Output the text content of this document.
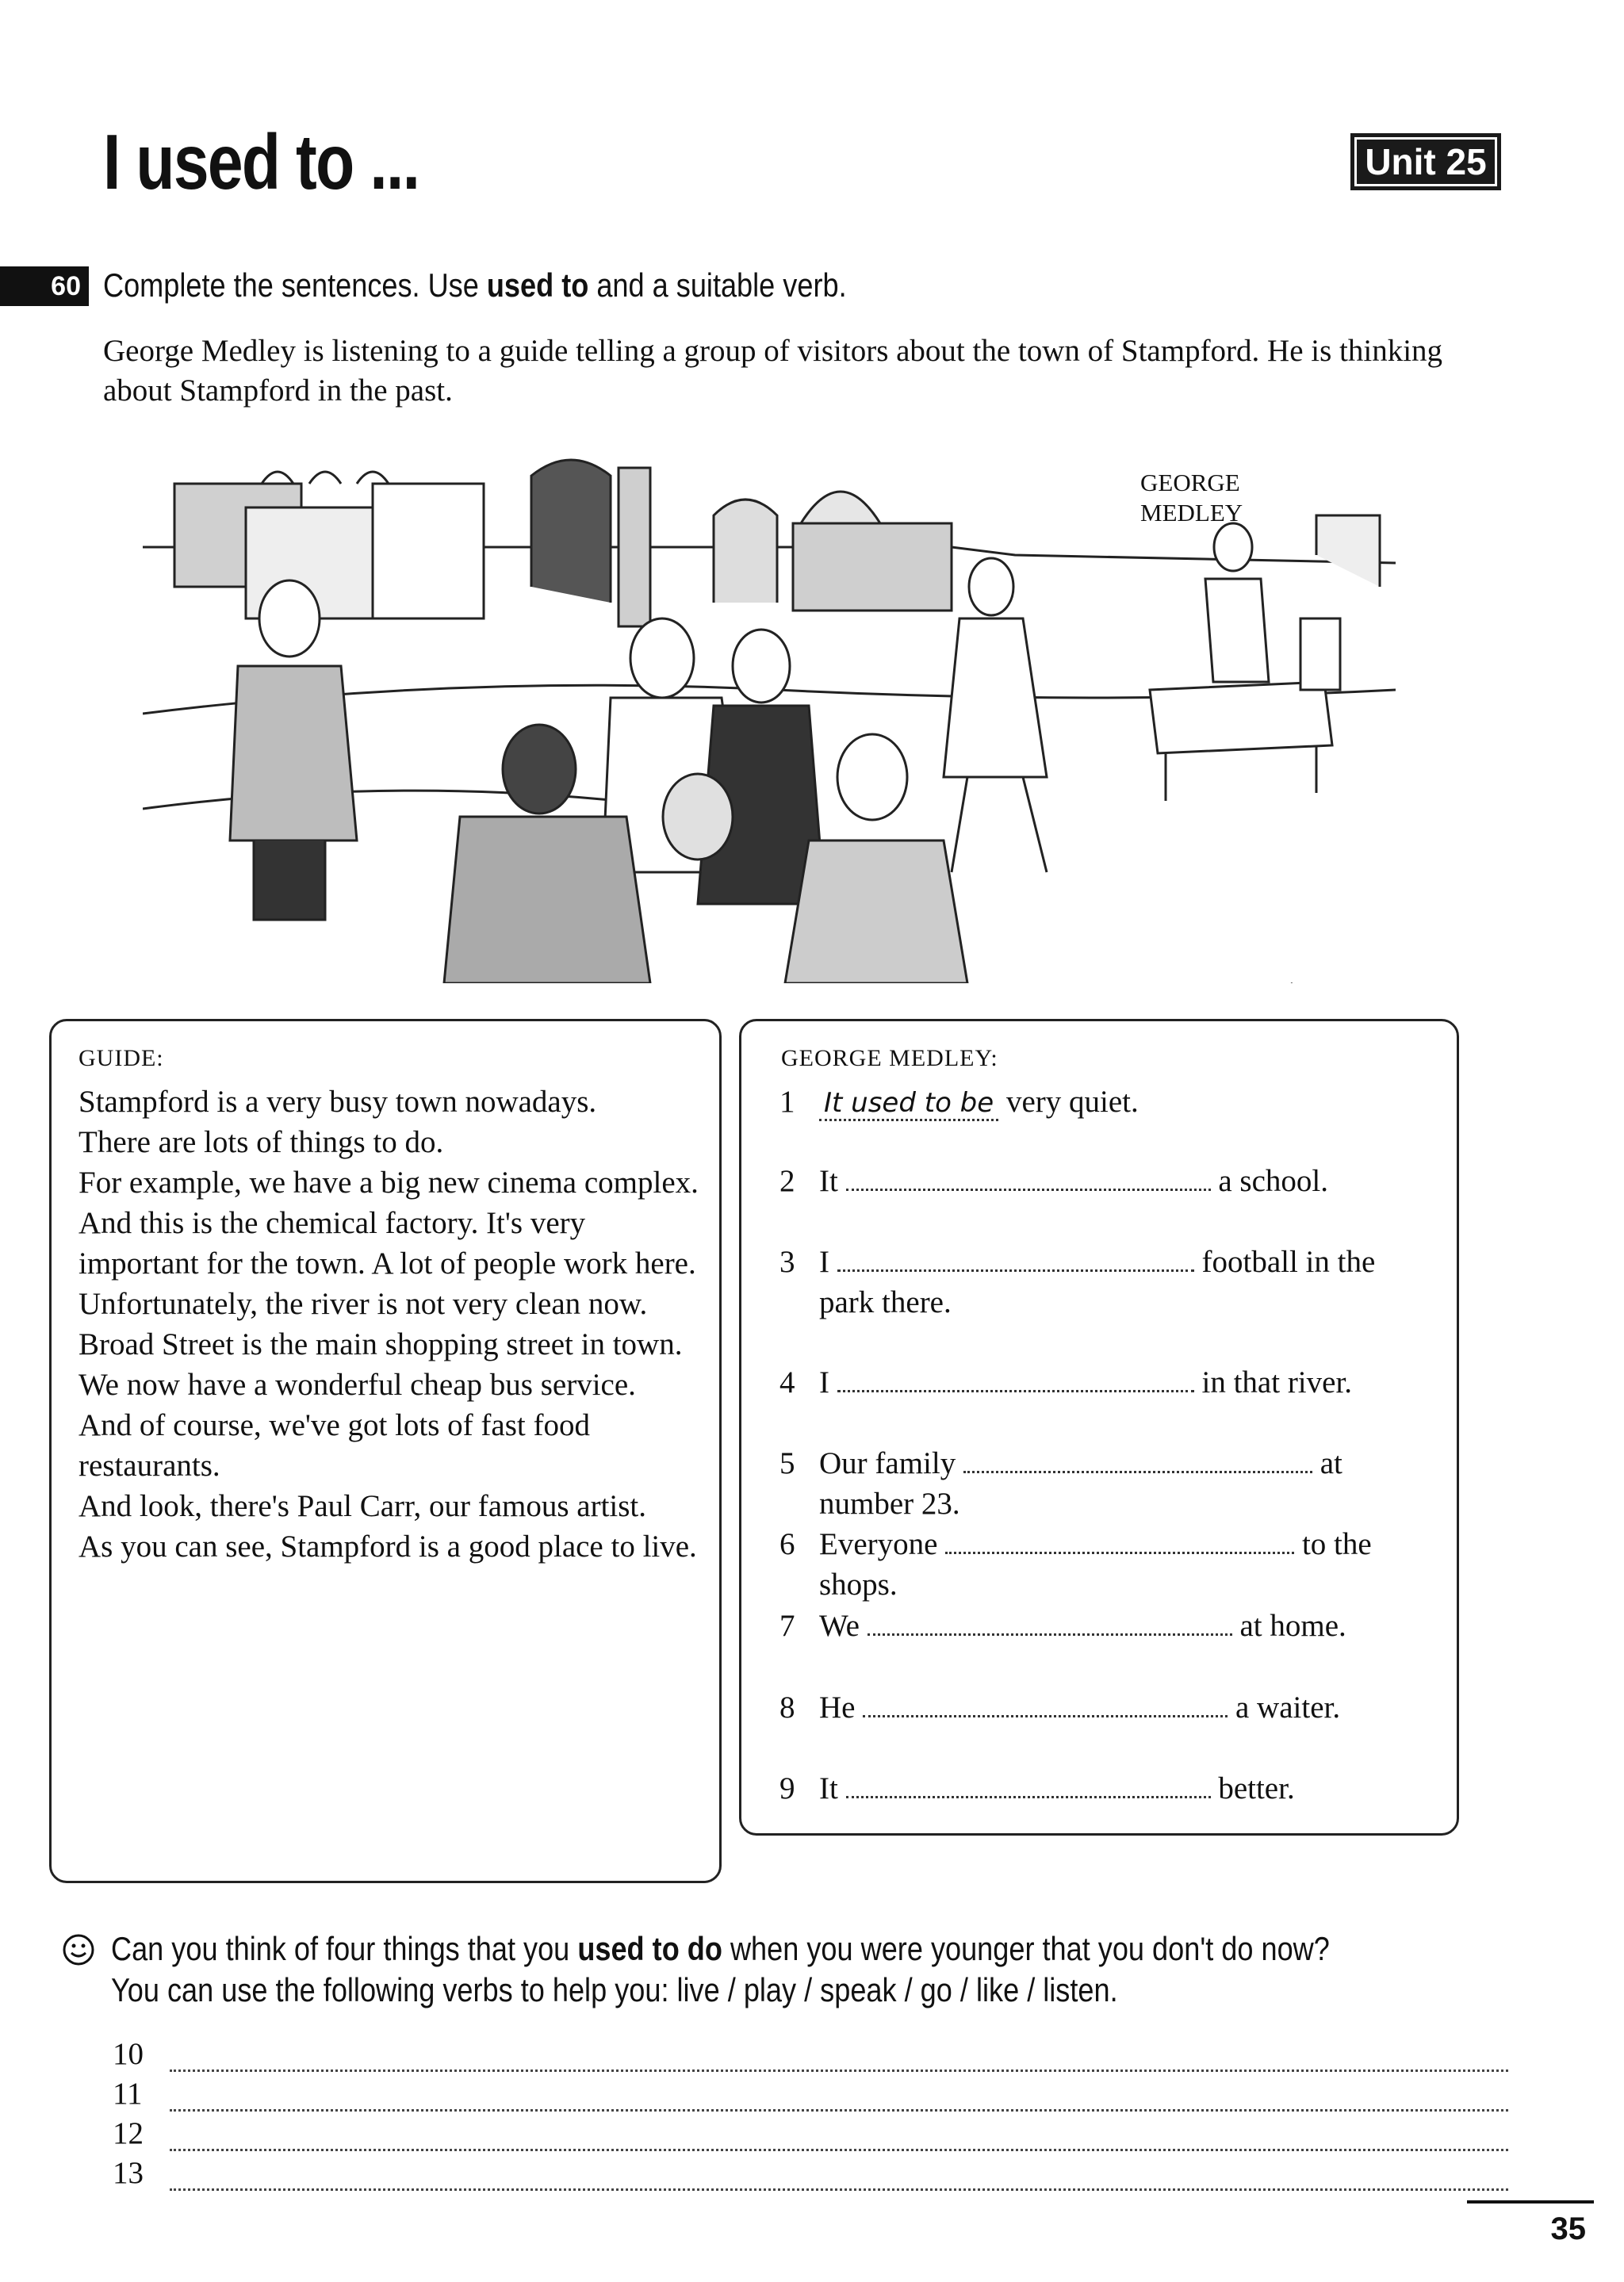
I used to ...	Unit 25
60 Complete the sentences. Use used to and a suitable verb.
George Medley is listening to a guide telling a group of visitors about the town of Stampford. He is thinking about Stampford in the past.
GEORGE
MEDLEY
GUIDE:
Stampford is a very busy town nowadays.
There are lots of things to do.
For example, we have a big new cinema complex.
And this is the chemical factory. It's very important for the town. A lot of people work here.
Unfortunately, the river is not very clean now.
Broad Street is the main shopping street in town.
We now have a wonderful cheap bus service.
And of course, we've got lots of fast food restaurants.
And look, there's Paul Carr, our famous artist.
As you can see, Stampford is a good place to live.
GEORGE MEDLEY:
1	It used to be very quiet.
2 It	a school.
3 I	football in the park there.
4 I	in that river.
5 Our family	at number 23.
6 Everyone	to the shops.
7 We	at home.
8 He	a waiter.
9 It	better.
Can you think of four things that you used to do when you were younger that you don't do now?
You can use the following verbs to help you: live / play / speak / go / like / listen.
10
11
12
13
35
